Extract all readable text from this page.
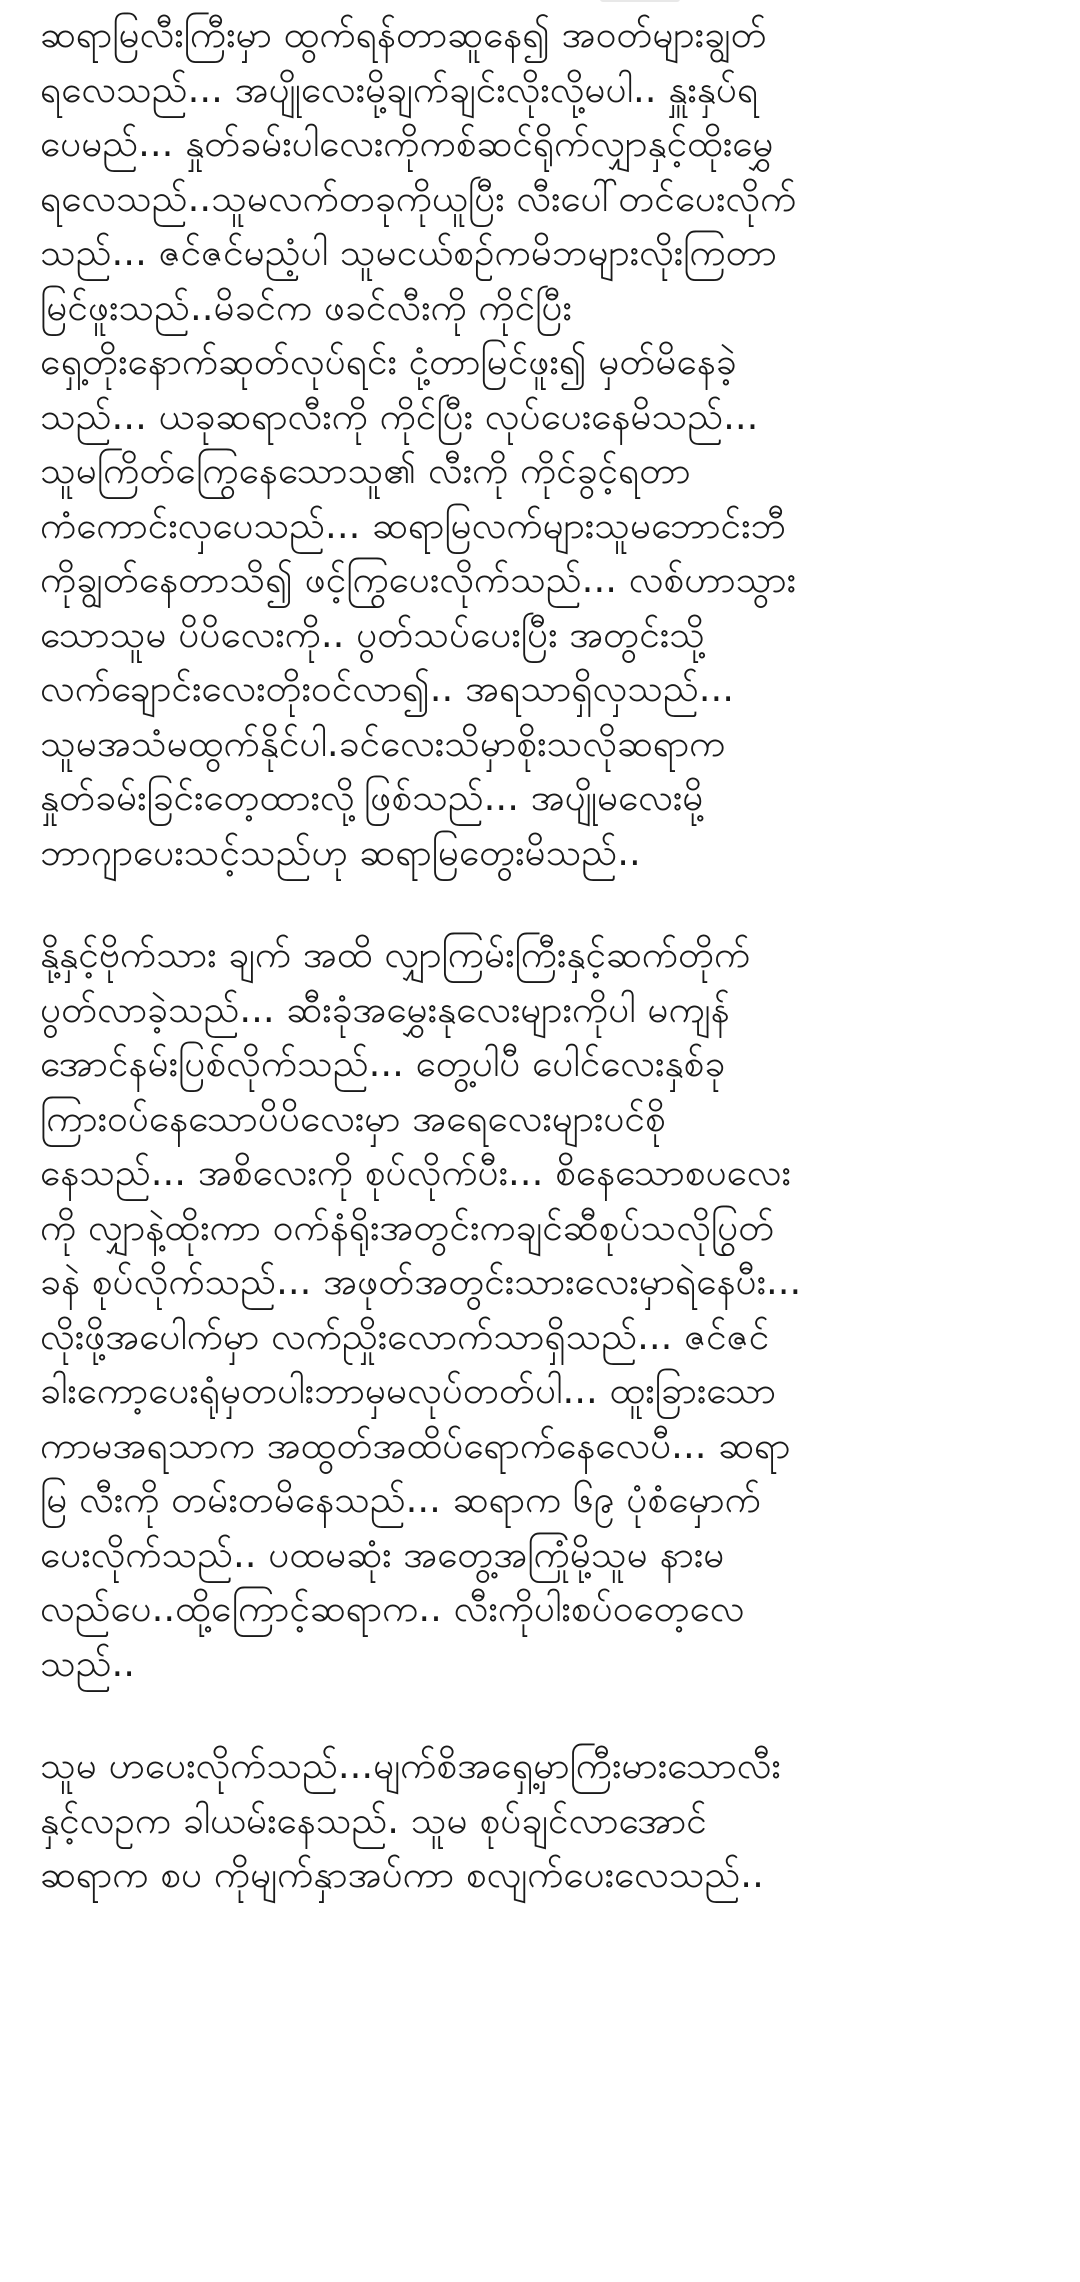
ဆရာမြလီးကြီးမှာ ထွက်ရန်တာဆူနေ၍ အဝတ်များချွတ်
ရလေသည်... အပျိုလေးမို့ချက်ချင်းလိုးလို့မပါ.. နှူးနှပ်ရ
ပေမည်... နှုတ်ခမ်းပါလေးကိုကစ်ဆင်ရိုက်လျှာနှင့်ထိုးမွှေ
ရလေသည်..သူမလက်တခုကိုယူပြီး လီးပေါ်တင်ပေးလိုက်
သည်... ဇင်ဇင်မညံ့ပါ သူမငယ်စဉ်ကမိဘများလိုးကြတာ
မြင်ဖူးသည်..မိခင်က ဖခင်လီးကို ကိုင်ပြီး
ရှေ့တိုးနောက်ဆုတ်လုပ်ရင်း ငုံ့တာမြင်ဖူး၍ မှတ်မိနေခဲ့
သည်... ယခုဆရာလီးကို ကိုင်ပြီး လုပ်ပေးနေမိသည်...
သူမကြိတ်ကြွေနေသောသူ၏ လီးကို ကိုင်ခွင့်ရတာ
ကံကောင်းလှပေသည်... ဆရာမြလက်များသူမဘောင်းဘီ
ကိုချွတ်နေတာသိ၍ ဖင့်ကြွပေးလိုက်သည်... လစ်ဟာသွား
သောသူမ ပိပိလေးကို.. ပွတ်သပ်ပေးပြီး အတွင်းသို့
လက်ချောင်းလေးတိုးဝင်လာ၍.. အရသာရှိလှသည်...
သူမအသံမထွက်နိုင်ပါ.ခင်လေးသိမှာစိုးသလိုဆရာက
နှုတ်ခမ်းခြင်းတေ့ထားလို့ဖြစ်သည်... အပျိုမလေးမို့
ဘာဂျာပေးသင့်သည်ဟု ဆရာမြတွေးမိသည်..
နို့နှင့်ဗိုက်သား ချက် အထိ လျှာကြမ်းကြီးနှင့်ဆက်တိုက်
ပွတ်လာခဲ့သည်... ဆီးခုံအမွှေးနုလေးများကိုပါ မကျန်
အောင်နမ်းပြစ်လိုက်သည်... တွေ့ပါပီ ပေါင်လေးနှစ်ခု
ကြားဝပ်နေသောပိပိလေးမှာ အရေလေးများပင်စို
နေသည်... အစိလေးကို စုပ်လိုက်ပီး... စိနေသောစပလေး
ကို လျှာနဲ့ထိုးကာ ဝက်နံရိုးအတွင်းကချင်ဆီစုပ်သလိုပြွတ်
ခနဲ စုပ်လိုက်သည်... အဖုတ်အတွင်းသားလေးမှာရဲနေပီး...
လိုးဖို့အပေါက်မှာ လက်ညှိုးလောက်သာရှိသည်... ဇင်ဇင်
ခါးကော့ပေးရုံမှတပါးဘာမှမလုပ်တတ်ပါ... ထူးခြားသော
ကာမအရသာက အထွတ်အထိပ်ရောက်နေလေပီ... ဆရာ
မြ လီးကို တမ်းတမိနေသည်... ဆရာက ၆၉ ပုံစံမှောက်
ပေးလိုက်သည်.. ပထမဆုံး အတွေ့အကြုံမို့သူမ နားမ
လည်ပေ..ထို့ကြောင့်ဆရာက.. လီးကိုပါးစပ်ဝတေ့လေ
သည်..
သူမ ဟပေးလိုက်သည်...မျက်စိအရှေ့မှာကြီးမားသောလီး
နှင့်လဥက ခါယမ်းနေသည်. သူမ စုပ်ချင်လာအောင်
ဆရာက စပ ကိုမျက်နှာအပ်ကာ စလျက်ပေးလေသည်..
